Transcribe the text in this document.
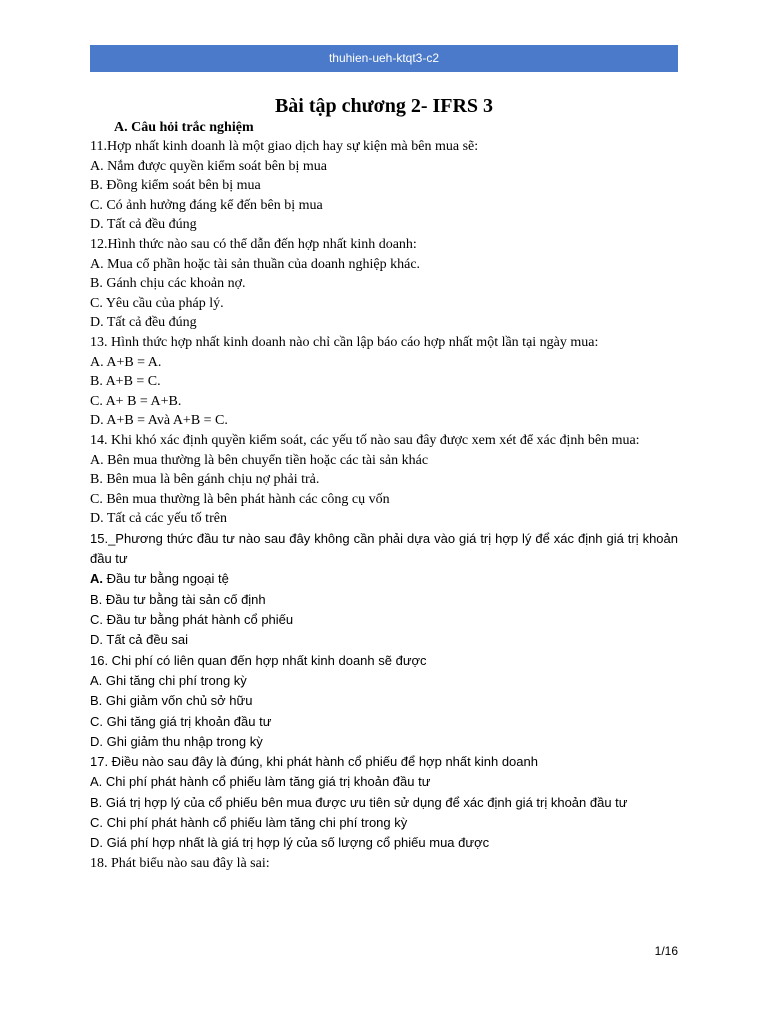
thuhien-ueh-ktqt3-c2
Bài tập chương 2- IFRS 3
A. Câu hỏi trắc nghiệm

11.Hợp nhất kinh doanh là một giao dịch hay sự kiện mà bên mua sẽ:

A. Nắm được quyền kiểm soát bên bị mua

B. Đồng kiểm soát bên bị mua

C. Có ảnh hưởng đáng kể đến bên bị mua

D. Tất cả đều đúng

12.Hình thức nào sau có thể dẫn đến hợp nhất kinh doanh:

A. Mua cổ phần hoặc tài sản thuần của doanh nghiệp khác.

B. Gánh chịu các khoản nợ.

C. Yêu cầu của pháp lý.

D. Tất cả đều đúng

13. Hình thức hợp nhất kinh doanh nào chỉ cần lập báo cáo hợp nhất một lần tại ngày mua:

A. A+B = A.

B. A+B = C.

C. A+ B = A+B.

D. A+B = Avà A+B = C.

14. Khi khó xác định quyền kiểm soát, các yếu tố nào sau đây được xem xét để xác định bên mua:

A. Bên mua thường là bên chuyển tiền hoặc các tài sản khác

B. Bên mua là bên gánh chịu nợ phải trả.

C. Bên mua thường là bên phát hành các công cụ vốn

D. Tất cả các yếu tố trên

15._Phương thức đầu tư nào sau đây không cần phải dựa vào giá trị hợp lý để xác định giá trị khoản đầu tư

A. Đầu tư bằng ngoại tệ

B. Đầu tư bằng tài sản cố định

C. Đầu tư bằng phát hành cổ phiếu

D. Tất cả đều sai

16. Chi phí có liên quan đến hợp nhất kinh doanh sẽ được

A. Ghi tăng chi phí trong kỳ

B. Ghi giảm vốn chủ sở hữu

C. Ghi tăng giá trị khoản đầu tư

D. Ghi giảm thu nhập trong kỳ

17. Điều nào sau đây là đúng, khi phát hành cổ phiếu để hợp nhất kinh doanh

A. Chi phí phát hành cổ phiếu làm tăng giá trị khoản đầu tư

B. Giá trị hợp lý của cổ phiếu bên mua được ưu tiên sử dụng để xác định giá trị khoản đầu tư

C. Chi phí phát hành cổ phiếu làm tăng chi phí trong kỳ

D. Giá phí hợp nhất là giá trị hợp lý của số lượng cổ phiếu mua được

18. Phát biểu nào sau đây là sai:

1/16
